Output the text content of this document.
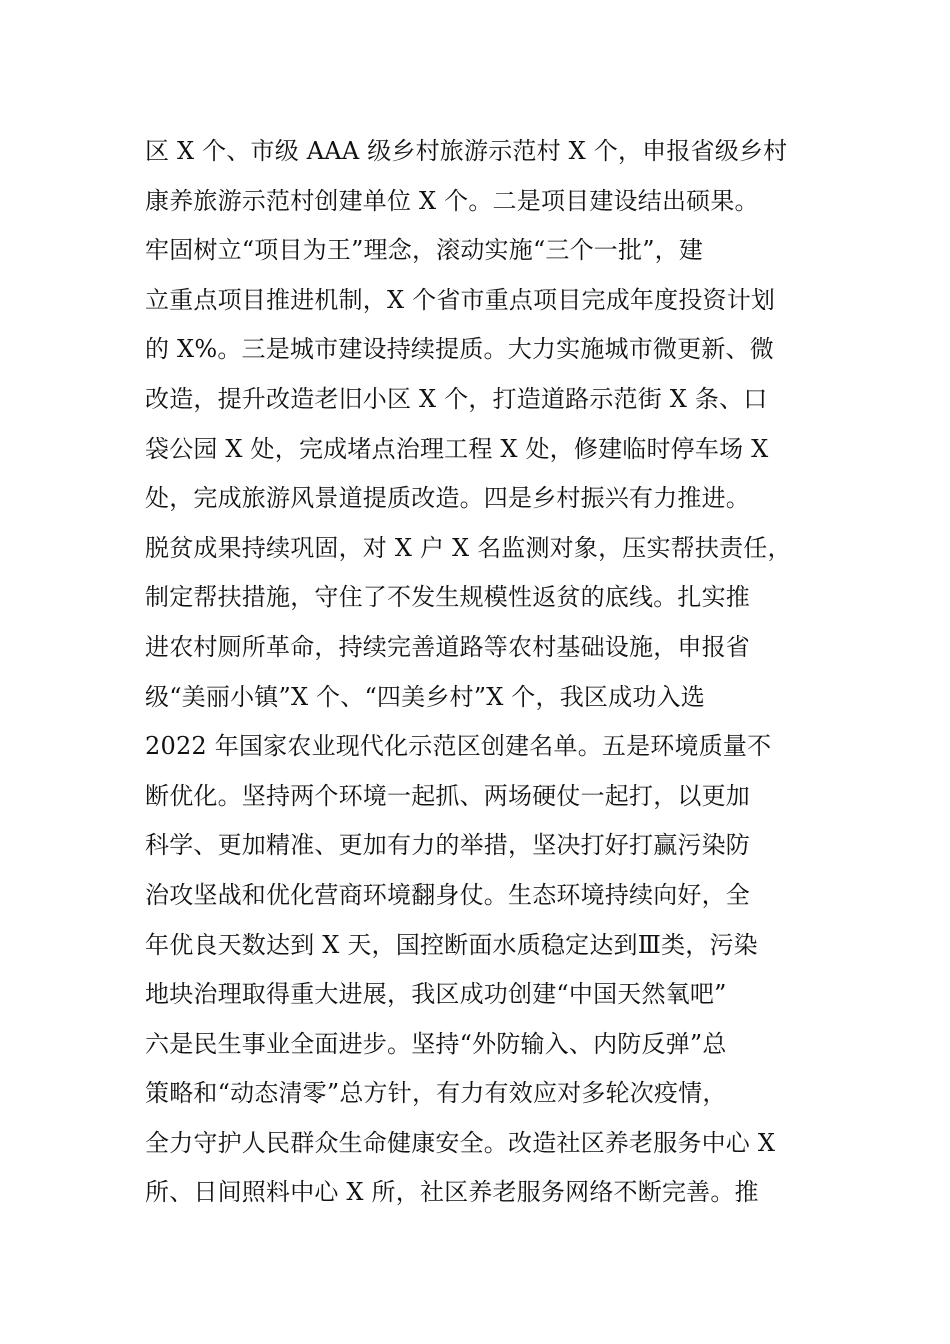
区 X 个、市级 AAA 级乡村旅游示范村 X 个，申报省级乡村
康养旅游示范村创建单位 X 个。二是项目建设结出硕果。
牢固树立“项目为王”理念，滚动实施“三个一批”，建
立重点项目推进机制，X 个省市重点项目完成年度投资计划
的 X%。三是城市建设持续提质。大力实施城市微更新、微
改造，提升改造老旧小区 X 个，打造道路示范街 X 条、口
袋公园 X 处，完成堵点治理工程 X 处，修建临时停车场 X
处，完成旅游风景道提质改造。四是乡村振兴有力推进。
脱贫成果持续巩固，对 X 户 X 名监测对象，压实帮扶责任，
制定帮扶措施，守住了不发生规模性返贫的底线。扎实推
进农村厕所革命，持续完善道路等农村基础设施，申报省
级“美丽小镇”X 个、“四美乡村”X 个，我区成功入选
2022 年国家农业现代化示范区创建名单。五是环境质量不
断优化。坚持两个环境一起抓、两场硬仗一起打，以更加
科学、更加精准、更加有力的举措，坚决打好打赢污染防
治攻坚战和优化营商环境翻身仗。生态环境持续向好，全
年优良天数达到 X 天，国控断面水质稳定达到Ⅲ类，污染
地块治理取得重大进展，我区成功创建“中国天然氧吧”
六是民生事业全面进步。坚持“外防输入、内防反弹”总
策略和“动态清零”总方针，有力有效应对多轮次疫情，
全力守护人民群众生命健康安全。改造社区养老服务中心 X
所、日间照料中心 X 所，社区养老服务网络不断完善。推
